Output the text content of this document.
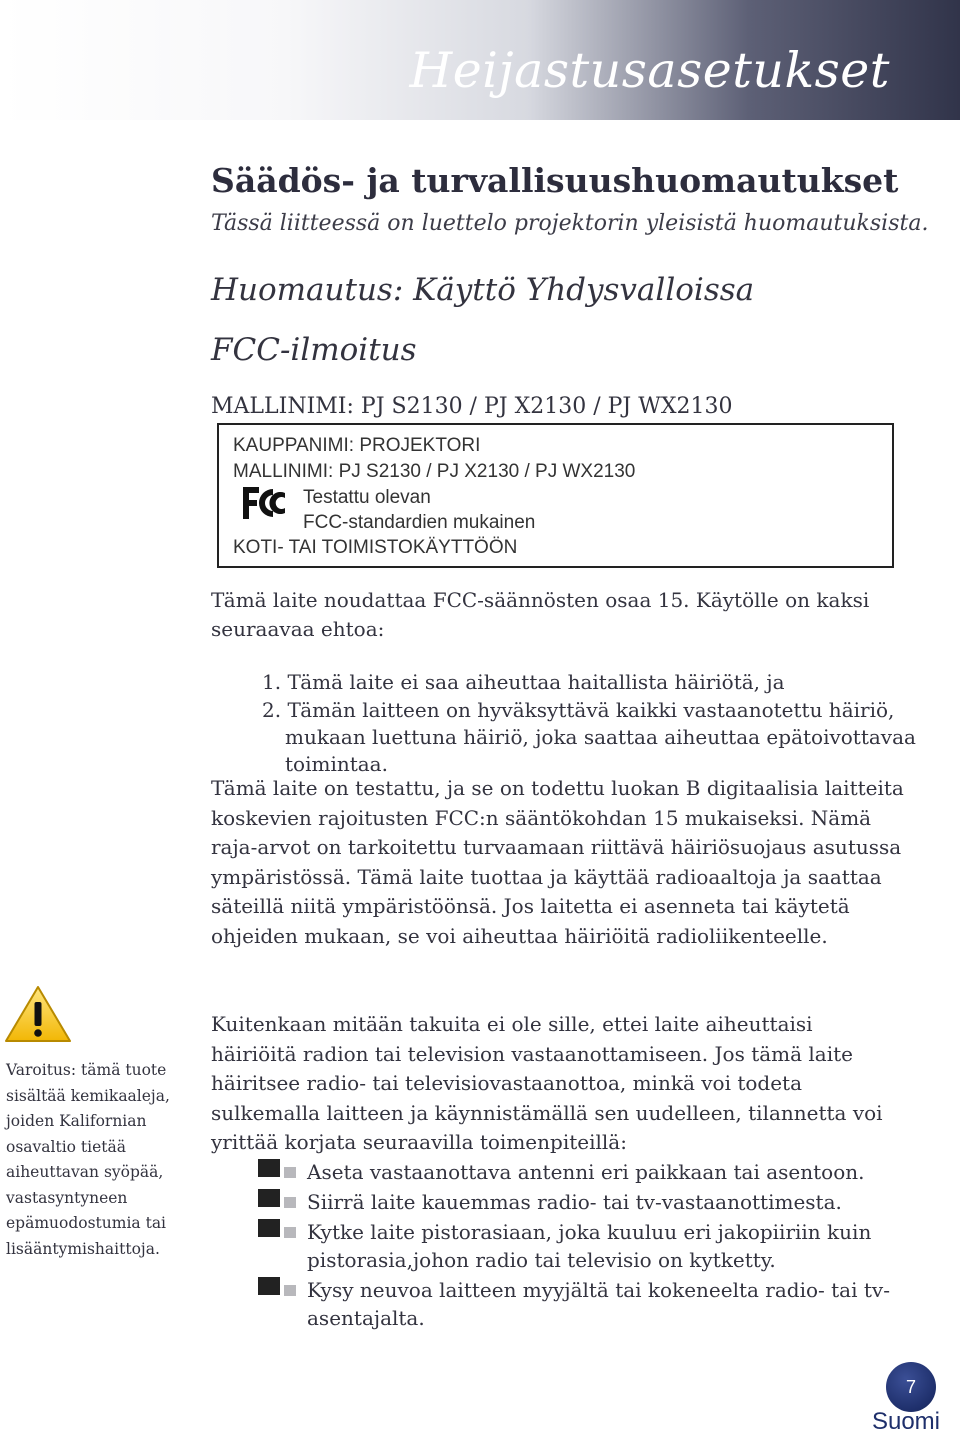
Heijastusasetukset
Säädös- ja turvallisuushuomautukset
Tässä liitteessä on luettelo projektorin yleisistä huomautuksista.
Huomautus: Käyttö Yhdysvalloissa
FCC-ilmoitus
MALLINIMI: PJ S2130 / PJ X2130 / PJ WX2130
KAUPPANIMI: PROJEKTORI
MALLINIMI: PJ S2130 / PJ X2130 / PJ WX2130
Testattu olevan
FCC-standardien mukainen
KOTI- TAI TOIMISTOKÄYTTÖÖN
Tämä laite noudattaa FCC-säännösten osaa 15. Käytölle on kaksi seuraavaa ehtoa:
1. Tämä laite ei saa aiheuttaa haitallista häiriötä, ja
2. Tämän laitteen on hyväksyttävä kaikki vastaanotettu häiriö, mukaan luettuna häiriö, joka saattaa aiheuttaa epätoivottavaa toimintaa.
Tämä laite on testattu, ja se on todettu luokan B digitaalisia laitteita koskevien rajoitusten FCC:n sääntökohdan 15 mukaiseksi. Nämä raja-arvot on tarkoitettu turvaamaan riittävä häiriösuojaus asutussa ympäristössä. Tämä laite tuottaa ja käyttää radioaaltoja ja saattaa säteillä niitä ympäristöönsä. Jos laitetta ei asenneta tai käytetä ohjeiden mukaan, se voi aiheuttaa häiriöitä radioliikenteelle.
Kuitenkaan mitään takuita ei ole sille, ettei laite aiheuttaisi häiriöitä radion tai television vastaanottamiseen. Jos tämä laite häiritsee radio- tai televisiovastaanottoa, minkä voi todeta sulkemalla laitteen ja käynnistämällä sen uudelleen, tilannetta voi yrittää korjata seuraavilla toimenpiteillä:
Aseta vastaanottava antenni eri paikkaan tai asentoon.
Siirrä laite kauemmas radio- tai tv-vastaanottimesta.
Kytke laite pistorasiaan, joka kuuluu eri jakopiiriin kuin pistorasia,johon radio tai televisio on kytketty.
Kysy neuvoa laitteen myyjältä tai kokeneelta radio- tai tv-asentajalta.
Varoitus: tämä tuote sisältää kemikaaleja, joiden Kalifornian osavaltio tietää aiheuttavan syöpää, vastasyntyneen epämuodostumia tai lisääntymishaittoja.
7
Suomi
